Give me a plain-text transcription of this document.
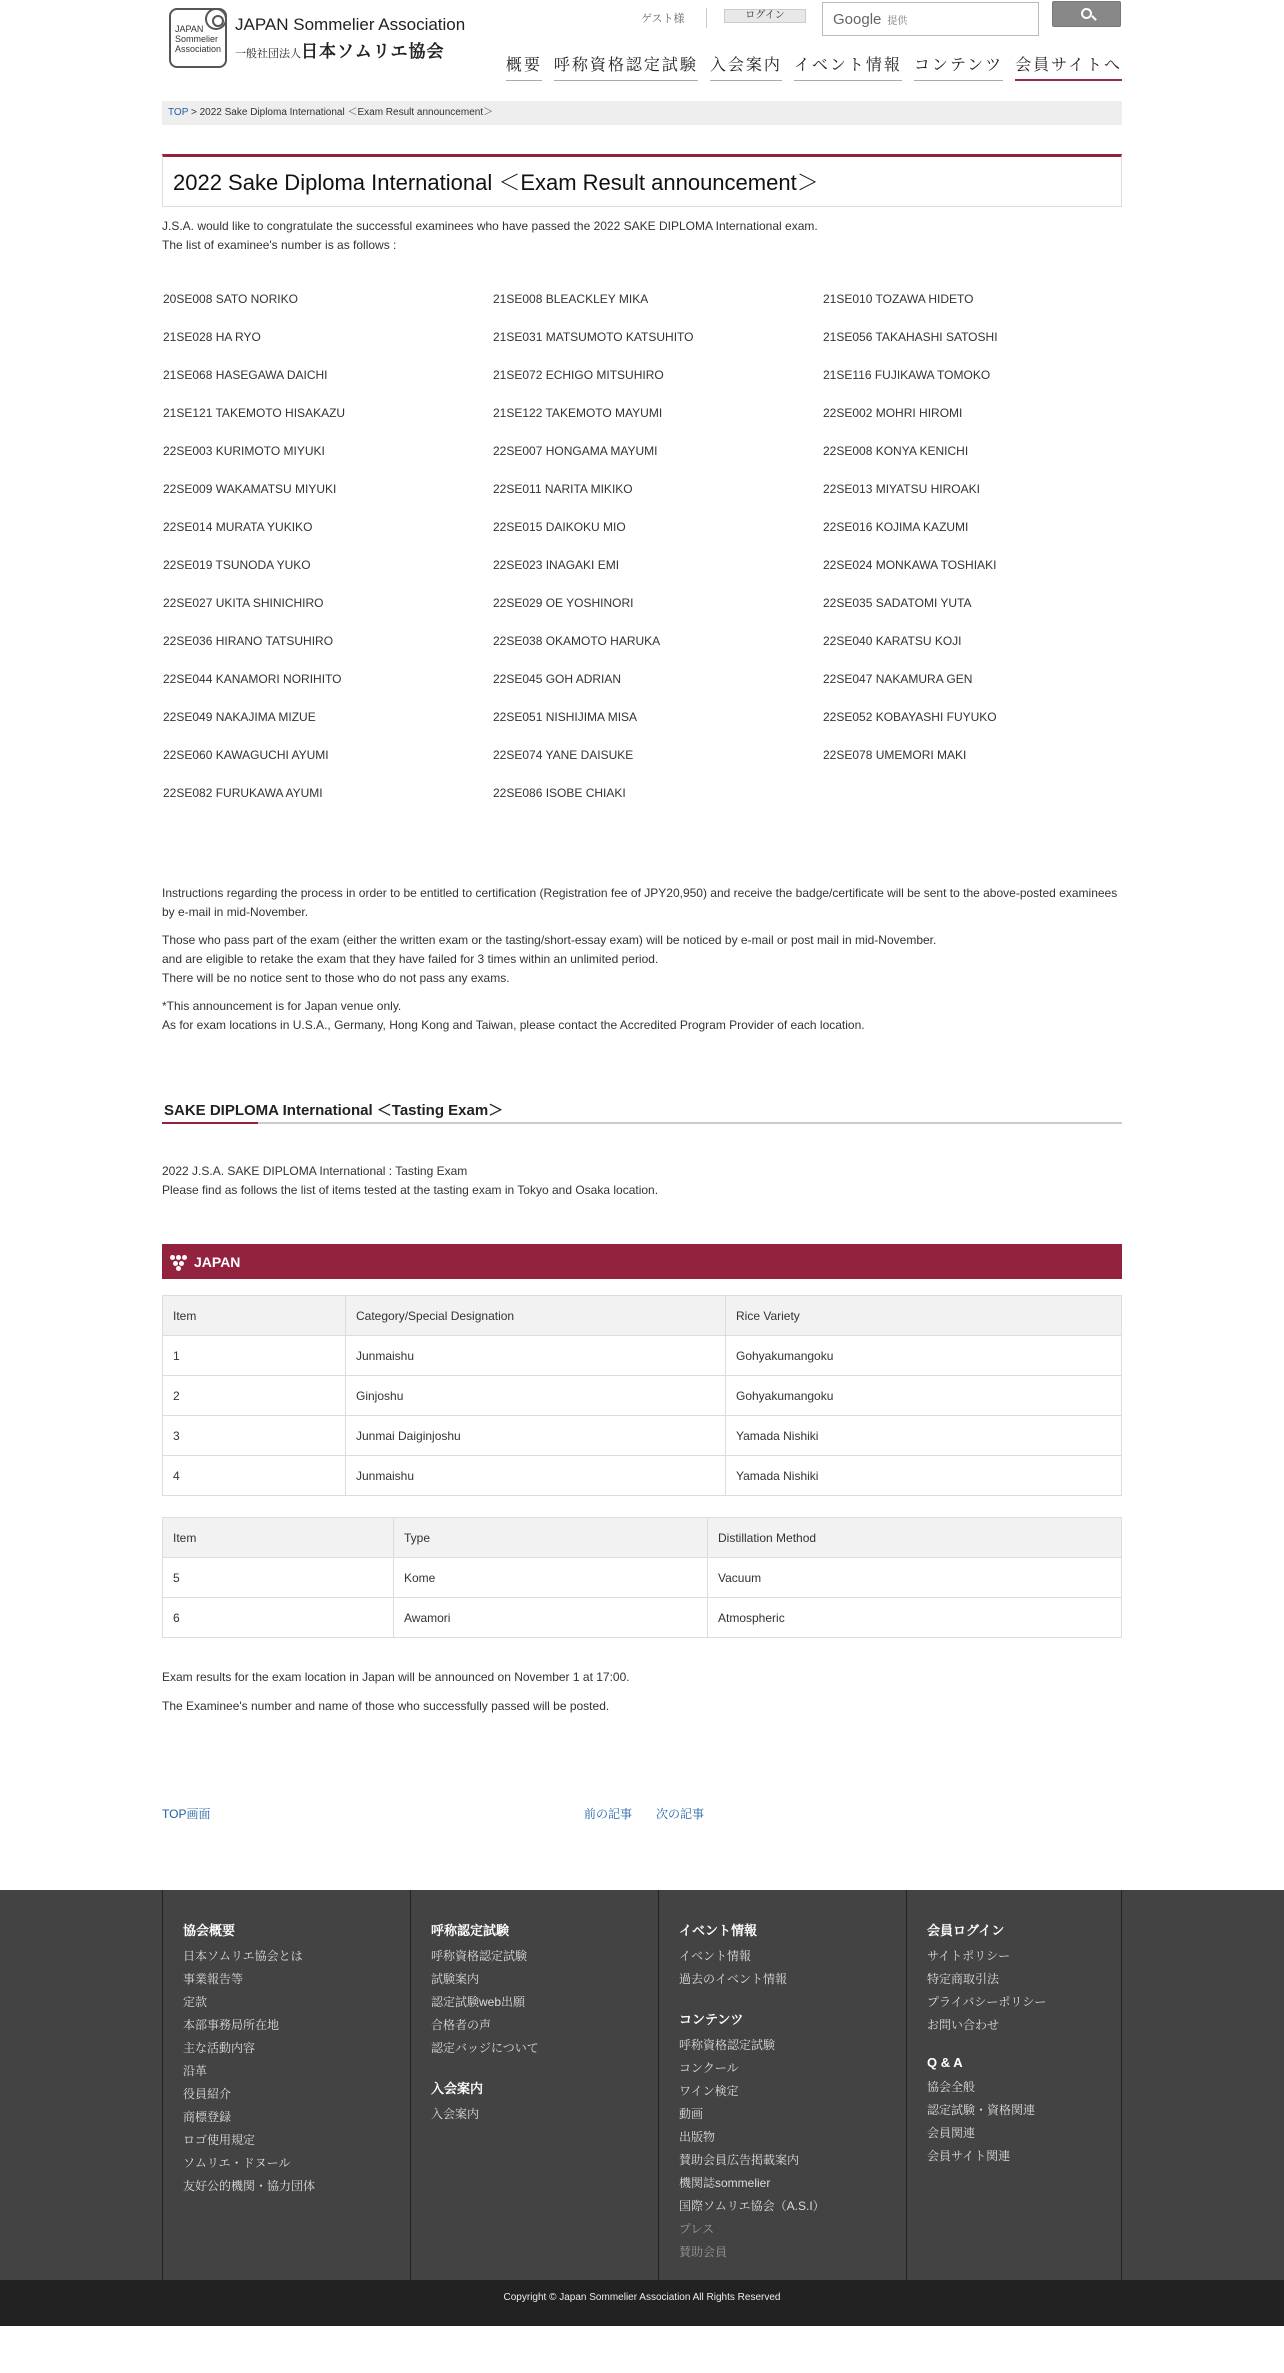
JAPAN Sommelier Association
JAPAN Sommelier Association
一般社団法人日本ソムリエ協会
ゲスト様	ログイン	Google 提供
概要 呼称資格認定試験 入会案内 イベント情報 コンテンツ 会員サイトへ
TOP > 2022 Sake Diploma International ＜Exam Result announcement＞
2022 Sake Diploma International ＜Exam Result announcement＞
J.S.A. would like to congratulate the successful examinees who have passed the 2022 SAKE DIPLOMA International exam.
The list of examinee's number is as follows :
20SE008 SATO NORIKO	21SE008 BLEACKLEY MIKA	21SE010 TOZAWA HIDETO
21SE028 HA RYO	21SE031 MATSUMOTO KATSUHITO	21SE056 TAKAHASHI SATOSHI
21SE068 HASEGAWA DAICHI	21SE072 ECHIGO MITSUHIRO	21SE116 FUJIKAWA TOMOKO
21SE121 TAKEMOTO HISAKAZU	21SE122 TAKEMOTO MAYUMI	22SE002 MOHRI HIROMI
22SE003 KURIMOTO MIYUKI	22SE007 HONGAMA MAYUMI	22SE008 KONYA KENICHI
22SE009 WAKAMATSU MIYUKI	22SE011 NARITA MIKIKO	22SE013 MIYATSU HIROAKI
22SE014 MURATA YUKIKO	22SE015 DAIKOKU MIO	22SE016 KOJIMA KAZUMI
22SE019 TSUNODA YUKO	22SE023 INAGAKI EMI	22SE024 MONKAWA TOSHIAKI
22SE027 UKITA SHINICHIRO	22SE029 OE YOSHINORI	22SE035 SADATOMI YUTA
22SE036 HIRANO TATSUHIRO	22SE038 OKAMOTO HARUKA	22SE040 KARATSU KOJI
22SE044 KANAMORI NORIHITO	22SE045 GOH ADRIAN	22SE047 NAKAMURA GEN
22SE049 NAKAJIMA MIZUE	22SE051 NISHIJIMA MISA	22SE052 KOBAYASHI FUYUKO
22SE060 KAWAGUCHI AYUMI	22SE074 YANE DAISUKE	22SE078 UMEMORI MAKI
22SE082 FURUKAWA AYUMI	22SE086 ISOBE CHIAKI

Instructions regarding the process in order to be entitled to certification (Registration fee of JPY20,950) and receive the badge/certificate will be sent to the above-posted examinees by e-mail in mid-November.

Those who pass part of the exam (either the written exam or the tasting/short-essay exam) will be noticed by e-mail or post mail in mid-November.
and are eligible to retake the exam that they have failed for 3 times within an unlimited period.
There will be no notice sent to those who do not pass any exams.

*This announcement is for Japan venue only.
As for exam locations in U.S.A., Germany, Hong Kong and Taiwan, please contact the Accredited Program Provider of each location.

SAKE DIPLOMA International ＜Tasting Exam＞
2022 J.S.A. SAKE DIPLOMA International : Tasting Exam
Please find as follows the list of items tested at the tasting exam in Tokyo and Osaka location.
JAPAN
Item	Category/Special Designation	Rice Variety
1	Junmaishu	Gohyakumangoku
2	Ginjoshu	Gohyakumangoku
3	Junmai Daiginjoshu	Yamada Nishiki
4	Junmaishu	Yamada Nishiki
Item	Type	Distillation Method
5	Kome	Vacuum
6	Awamori	Atmospheric

Exam results for the exam location in Japan will be announced on November 1 at 17:00.

The Examinee's number and name of those who successfully passed will be posted.

TOP画面	前の記事 次の記事
協会概要
日本ソムリエ協会とは
事業報告等
定款
本部事務局所在地
主な活動内容
沿革
役員紹介
商標登録
ロゴ使用規定
ソムリエ・ドヌール
友好公的機関・協力団体
呼称認定試験
呼称資格認定試験
試験案内
認定試験web出願
合格者の声
認定バッジについて
入会案内
入会案内
イベント情報
イベント情報
過去のイベント情報
コンテンツ
呼称資格認定試験
コンクール
ワイン検定
動画
出版物
賛助会員広告掲載案内
機関誌sommelier
国際ソムリエ協会（A.S.I）
プレス
賛助会員
会員ログイン
サイトポリシー
特定商取引法
プライバシーポリシー
お問い合わせ
Q & A
協会全般
認定試験・資格関連
会員関連
会員サイト関連
Copyright © Japan Sommelier Association All Rights Reserved
